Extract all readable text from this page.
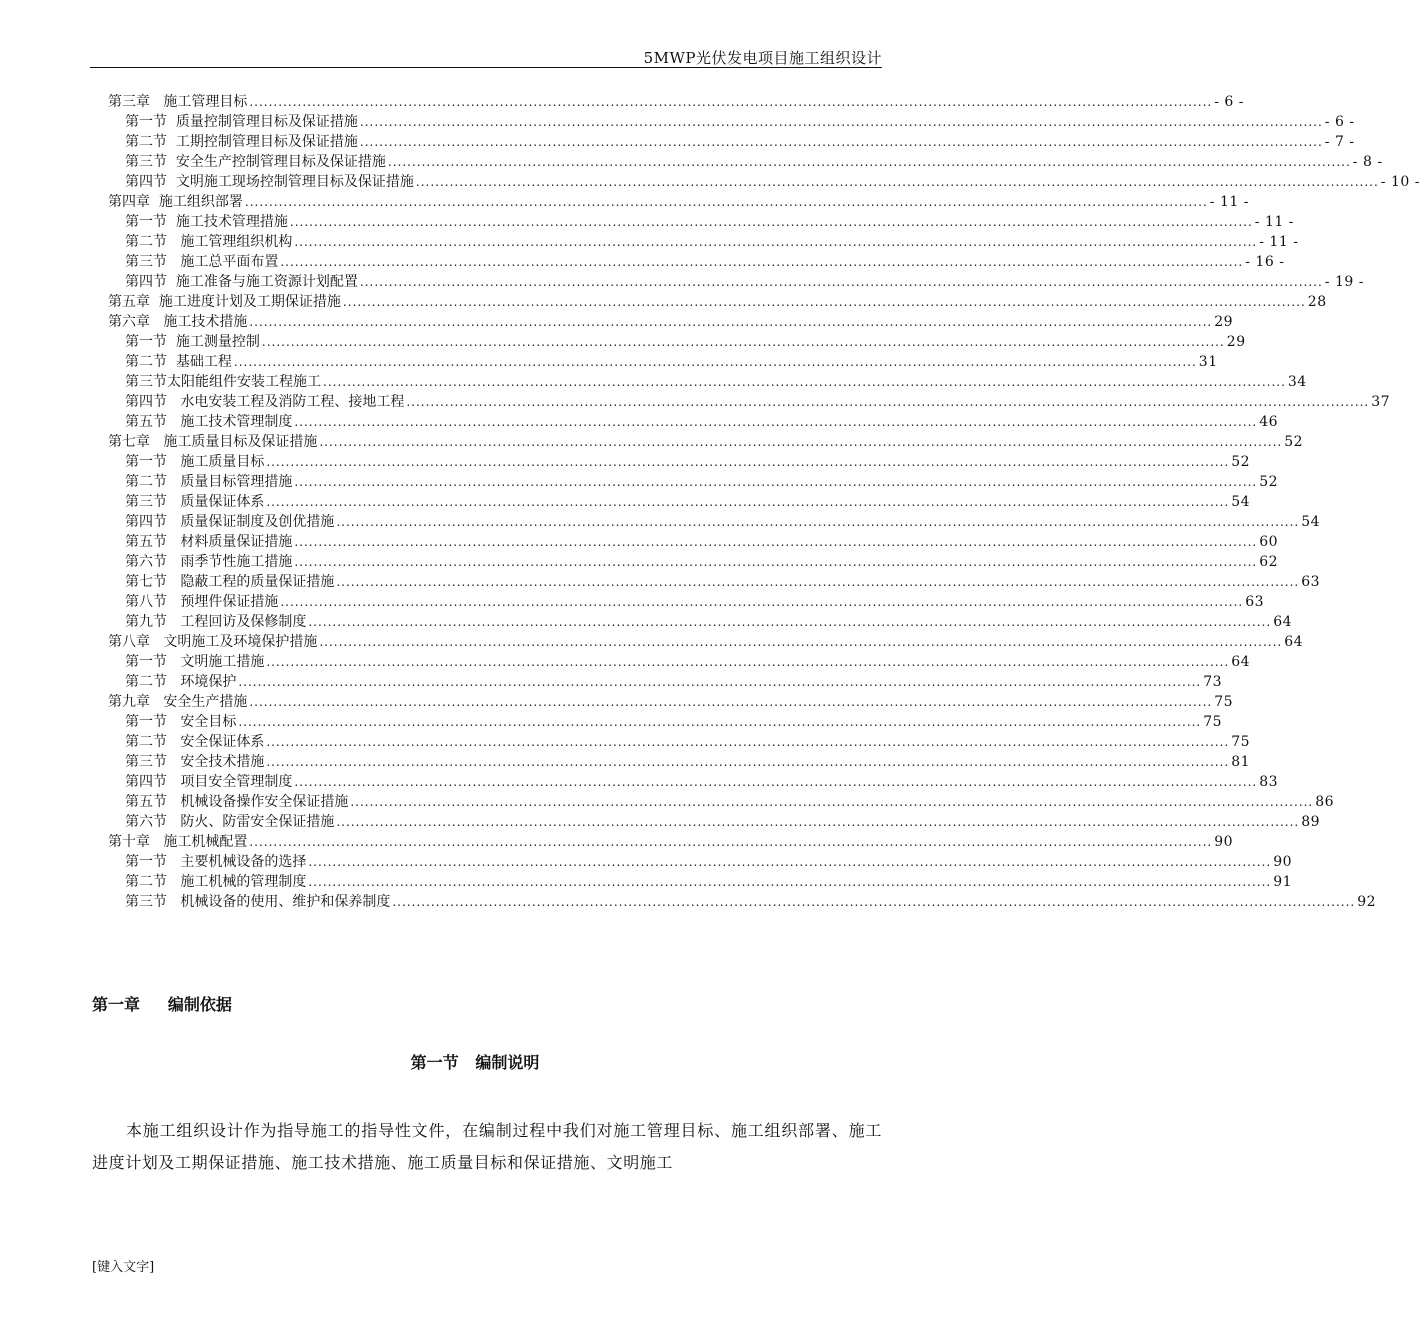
5MWP光伏发电项目施工组织设计
第三章   施工管理目标 ........................................................................................................................................................................................................ - 6 -
第一节  质量控制管理目标及保证措施 ........................................................................................................................................................................................................ - 6 -
第二节  工期控制管理目标及保证措施 ........................................................................................................................................................................................................ - 7 -
第三节  安全生产控制管理目标及保证措施 ........................................................................................................................................................................................................ - 8 -
第四节  文明施工现场控制管理目标及保证措施 ........................................................................................................................................................................................................ - 10 -
第四章  施工组织部署 ........................................................................................................................................................................................................ - 11 -
第一节  施工技术管理措施 ........................................................................................................................................................................................................ - 11 -
第二节   施工管理组织机构 ........................................................................................................................................................................................................ - 11 -
第三节   施工总平面布置 ........................................................................................................................................................................................................ - 16 -
第四节  施工准备与施工资源计划配置 ........................................................................................................................................................................................................ - 19 -
第五章  施工进度计划及工期保证措施 ........................................................................................................................................................................................................ 28
第六章   施工技术措施 ........................................................................................................................................................................................................ 29
第一节  施工测量控制 ........................................................................................................................................................................................................ 29
第二节  基础工程 ........................................................................................................................................................................................................ 31
第三节太阳能组件安装工程施工 ........................................................................................................................................................................................................ 34
第四节   水电安装工程及消防工程、接地工程 ........................................................................................................................................................................................................ 37
第五节   施工技术管理制度 ........................................................................................................................................................................................................ 46
第七章   施工质量目标及保证措施 ........................................................................................................................................................................................................ 52
第一节   施工质量目标 ........................................................................................................................................................................................................ 52
第二节   质量目标管理措施 ........................................................................................................................................................................................................ 52
第三节   质量保证体系 ........................................................................................................................................................................................................ 54
第四节   质量保证制度及创优措施 ........................................................................................................................................................................................................ 54
第五节   材料质量保证措施 ........................................................................................................................................................................................................ 60
第六节   雨季节性施工措施 ........................................................................................................................................................................................................ 62
第七节   隐蔽工程的质量保证措施 ........................................................................................................................................................................................................ 63
第八节   预埋件保证措施 ........................................................................................................................................................................................................ 63
第九节   工程回访及保修制度 ........................................................................................................................................................................................................ 64
第八章   文明施工及环境保护措施 ........................................................................................................................................................................................................ 64
第一节   文明施工措施 ........................................................................................................................................................................................................ 64
第二节   环境保护 ........................................................................................................................................................................................................ 73
第九章   安全生产措施 ........................................................................................................................................................................................................ 75
第一节   安全目标 ........................................................................................................................................................................................................ 75
第二节   安全保证体系 ........................................................................................................................................................................................................ 75
第三节   安全技术措施 ........................................................................................................................................................................................................ 81
第四节   项目安全管理制度 ........................................................................................................................................................................................................ 83
第五节   机械设备操作安全保证措施 ........................................................................................................................................................................................................ 86
第六节   防火、防雷安全保证措施 ........................................................................................................................................................................................................ 89
第十章   施工机械配置 ........................................................................................................................................................................................................ 90
第一节   主要机械设备的选择 ........................................................................................................................................................................................................ 90
第二节   施工机械的管理制度 ........................................................................................................................................................................................................ 91
第三节   机械设备的使用、维护和保养制度 ........................................................................................................................................................................................................ 92
第一章     编制依据
第一节   编制说明
本施工组织设计作为指导施工的指导性文件，在编制过程中我们对施工管理目标、施工组织部署、施工进度计划及工期保证措施、施工技术措施、施工质量目标和保证措施、文明施工
[键入文字]
